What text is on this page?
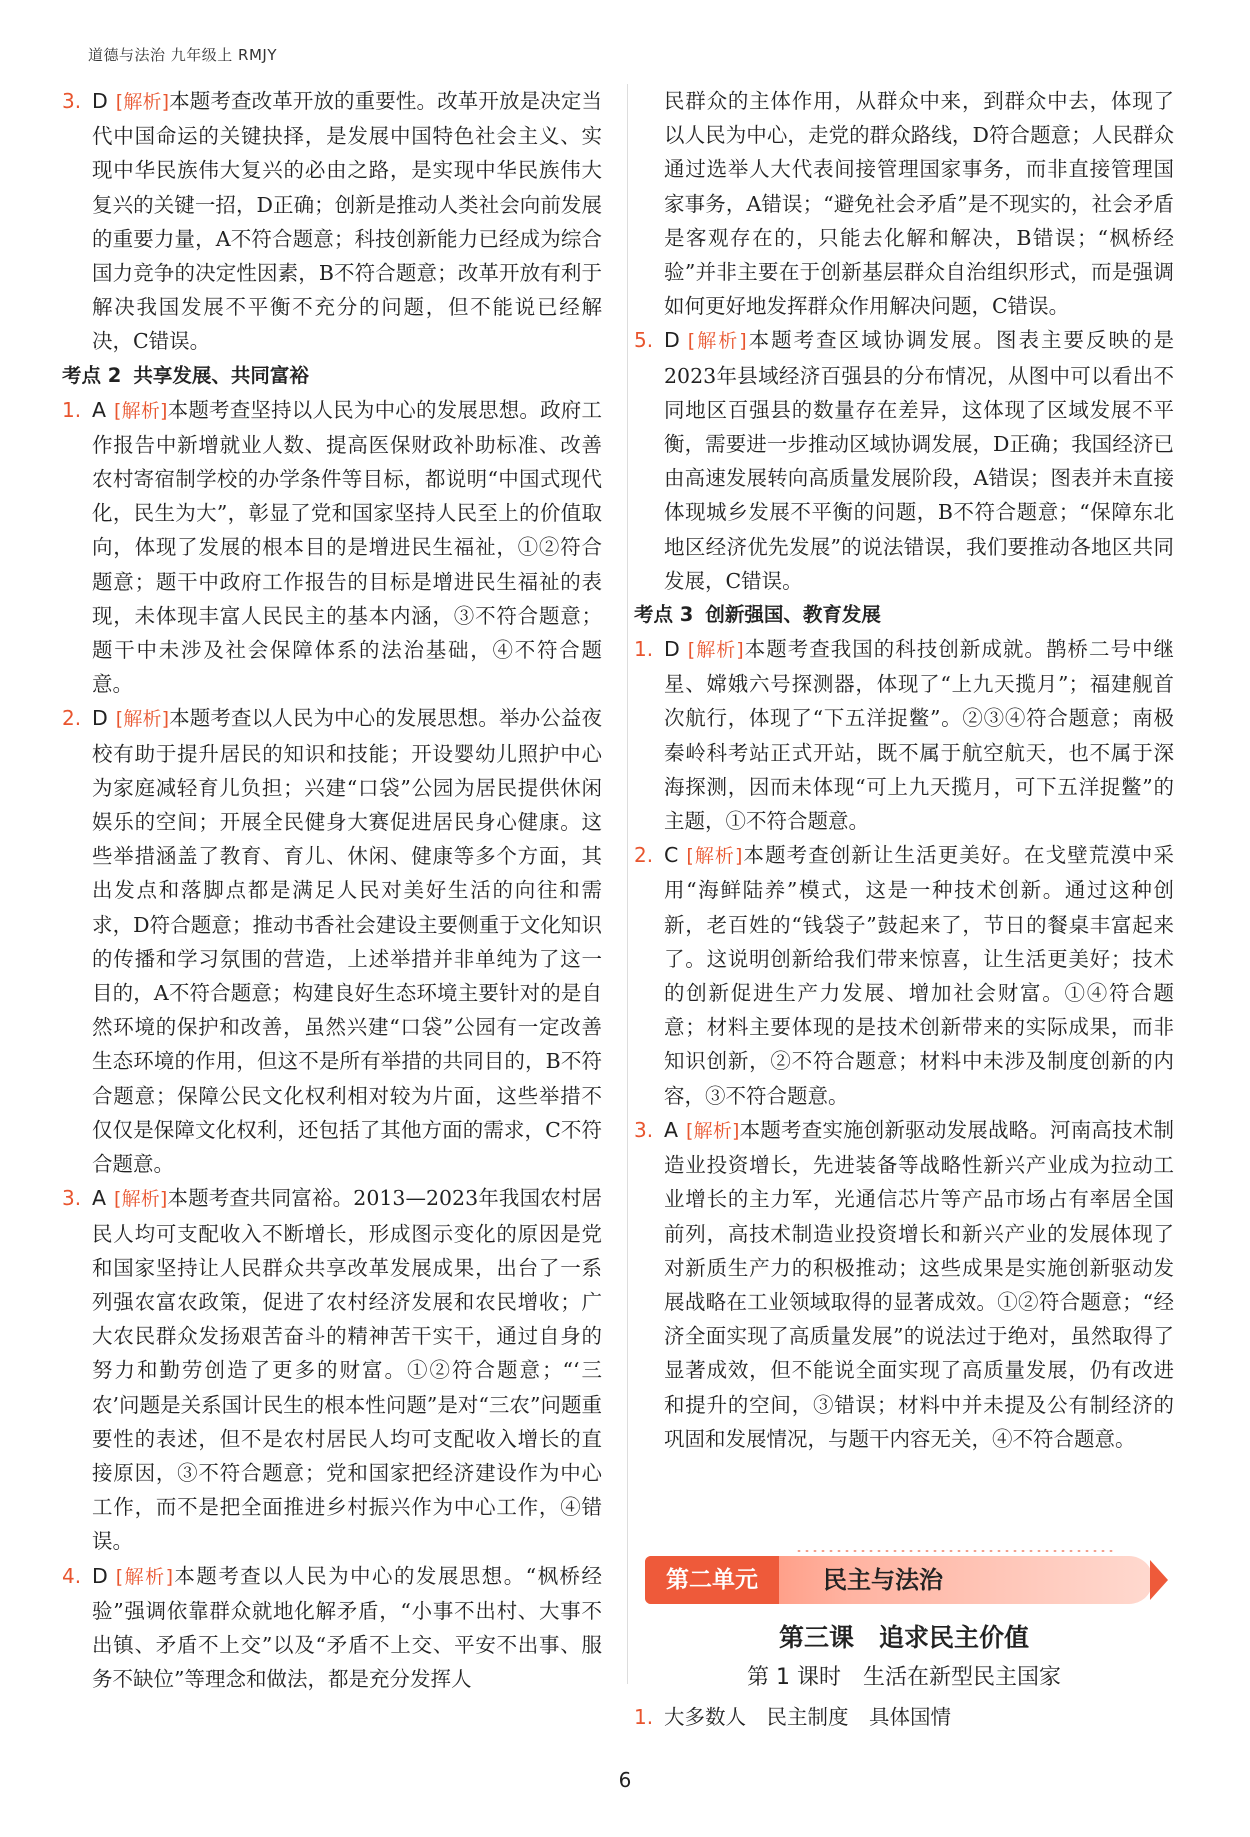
道德与法治 九年级上 RMJY

3. D [解析]本题考查改革开放的重要性。改革开放是决定当代中国命运的关键抉择，是发展中国特色社会主义、实现中华民族伟大复兴的必由之路，是实现中华民族伟大复兴的关键一招，D正确；创新是推动人类社会向前发展的重要力量，A不符合题意；科技创新能力已经成为综合国力竞争的决定性因素，B不符合题意；改革开放有利于解决我国发展不平衡不充分的问题，但不能说已经解决，C错误。

考点 2 共享发展、共同富裕

1. A [解析]本题考查坚持以人民为中心的发展思想。政府工作报告中新增就业人数、提高医保财政补助标准、改善农村寄宿制学校的办学条件等目标，都说明“中国式现代化，民生为大”，彰显了党和国家坚持人民至上的价值取向，体现了发展的根本目的是增进民生福祉，①②符合题意；题干中政府工作报告的目标是增进民生福祉的表现，未体现丰富人民民主的基本内涵，③不符合题意；题干中未涉及社会保障体系的法治基础，④不符合题意。

2. D [解析]本题考查以人民为中心的发展思想。举办公益夜校有助于提升居民的知识和技能；开设婴幼儿照护中心为家庭减轻育儿负担；兴建“口袋”公园为居民提供休闲娱乐的空间；开展全民健身大赛促进居民身心健康。这些举措涵盖了教育、育儿、休闲、健康等多个方面，其出发点和落脚点都是满足人民对美好生活的向往和需求，D符合题意；推动书香社会建设主要侧重于文化知识的传播和学习氛围的营造，上述举措并非单纯为了这一目的，A不符合题意；构建良好生态环境主要针对的是自然环境的保护和改善，虽然兴建“口袋”公园有一定改善生态环境的作用，但这不是所有举措的共同目的，B不符合题意；保障公民文化权利相对较为片面，这些举措不仅仅是保障文化权利，还包括了其他方面的需求，C不符合题意。

3. A [解析]本题考查共同富裕。2013—2023年我国农村居民人均可支配收入不断增长，形成图示变化的原因是党和国家坚持让人民群众共享改革发展成果，出台了一系列强农富农政策，促进了农村经济发展和农民增收；广大农民群众发扬艰苦奋斗的精神苦干实干，通过自身的努力和勤劳创造了更多的财富。①②符合题意；“‘三农’问题是关系国计民生的根本性问题”是对“三农”问题重要性的表述，但不是农村居民人均可支配收入增长的直接原因，③不符合题意；党和国家把经济建设作为中心工作，而不是把全面推进乡村振兴作为中心工作，④错误。

4. D [解析]本题考查以人民为中心的发展思想。“枫桥经验”强调依靠群众就地化解矛盾，“小事不出村、大事不出镇、矛盾不上交”以及“矛盾不上交、平安不出事、服务不缺位”等理念和做法，都是充分发挥人

民群众的主体作用，从群众中来，到群众中去，体现了以人民为中心，走党的群众路线，D符合题意；人民群众通过选举人大代表间接管理国家事务，而非直接管理国家事务，A错误；“避免社会矛盾”是不现实的，社会矛盾是客观存在的，只能去化解和解决，B错误；“枫桥经验”并非主要在于创新基层群众自治组织形式，而是强调如何更好地发挥群众作用解决问题，C错误。

5. D [解析]本题考查区域协调发展。图表主要反映的是2023年县域经济百强县的分布情况，从图中可以看出不同地区百强县的数量存在差异，这体现了区域发展不平衡，需要进一步推动区域协调发展，D正确；我国经济已由高速发展转向高质量发展阶段，A错误；图表并未直接体现城乡发展不平衡的问题，B不符合题意；“保障东北地区经济优先发展”的说法错误，我们要推动各地区共同发展，C错误。

考点 3 创新强国、教育发展

1. D [解析]本题考查我国的科技创新成就。鹊桥二号中继星、嫦娥六号探测器，体现了“上九天揽月”；福建舰首次航行，体现了“下五洋捉鳖”。②③④符合题意；南极秦岭科考站正式开站，既不属于航空航天，也不属于深海探测，因而未体现“可上九天揽月，可下五洋捉鳖”的主题，①不符合题意。

2. C [解析]本题考查创新让生活更美好。在戈壁荒漠中采用“海鲜陆养”模式，这是一种技术创新。通过这种创新，老百姓的“钱袋子”鼓起来了，节日的餐桌丰富起来了。这说明创新给我们带来惊喜，让生活更美好；技术的创新促进生产力发展、增加社会财富。①④符合题意；材料主要体现的是技术创新带来的实际成果，而非知识创新，②不符合题意；材料中未涉及制度创新的内容，③不符合题意。

3. A [解析]本题考查实施创新驱动发展战略。河南高技术制造业投资增长，先进装备等战略性新兴产业成为拉动工业增长的主力军，光通信芯片等产品市场占有率居全国前列，高技术制造业投资增长和新兴产业的发展体现了对新质生产力的积极推动；这些成果是实施创新驱动发展战略在工业领域取得的显著成效。①②符合题意；“经济全面实现了高质量发展”的说法过于绝对，虽然取得了显著成效，但不能说全面实现了高质量发展，仍有改进和提升的空间，③错误；材料中并未提及公有制经济的巩固和发展情况，与题干内容无关，④不符合题意。

第二单元	民主与法治
第三课　追求民主价值
第 1 课时　生活在新型民主国家

1. 大多数人　民主制度　具体国情

6
